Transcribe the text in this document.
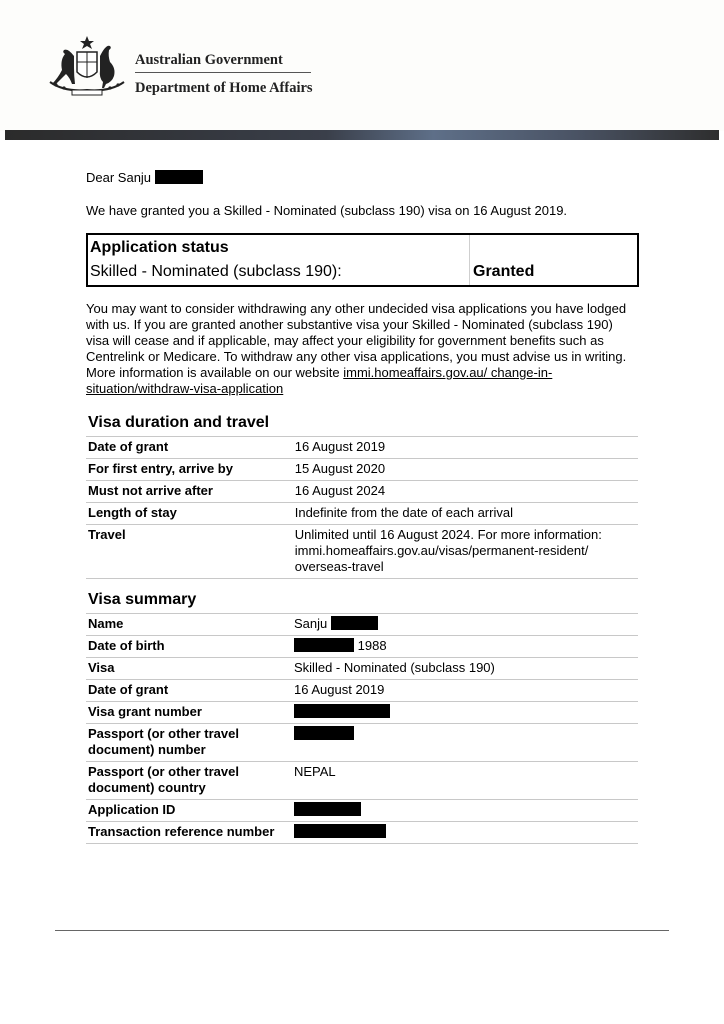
Australian Government
Department of Home Affairs
Dear Sanju
We have granted you a Skilled - Nominated (subclass 190) visa on 16 August 2019.
Application status
Skilled - Nominated (subclass 190):	Granted
You may want to consider withdrawing any other undecided visa applications you have lodged with us. If you are granted another substantive visa your Skilled - Nominated (subclass 190) visa will cease and if applicable, may affect your eligibility for government benefits such as Centrelink or Medicare. To withdraw any other visa applications, you must advise us in writing. More information is available on our website immi.homeaffairs.gov.au/ change-in-situation/withdraw-visa-application
Visa duration and travel
Date of grant	16 August 2019
For first entry, arrive by	15 August 2020
Must not arrive after	16 August 2024
Length of stay	Indefinite from the date of each arrival
Travel	Unlimited until 16 August 2024. For more information: immi.homeaffairs.gov.au/visas/permanent-resident/ overseas-travel
Visa summary
Name	Sanju
Date of birth	1988
Visa	Skilled - Nominated (subclass 190)
Date of grant	16 August 2019
Visa grant number	
Passport (or other travel document) number	
Passport (or other travel document) country	NEPAL
Application ID	
Transaction reference number	
